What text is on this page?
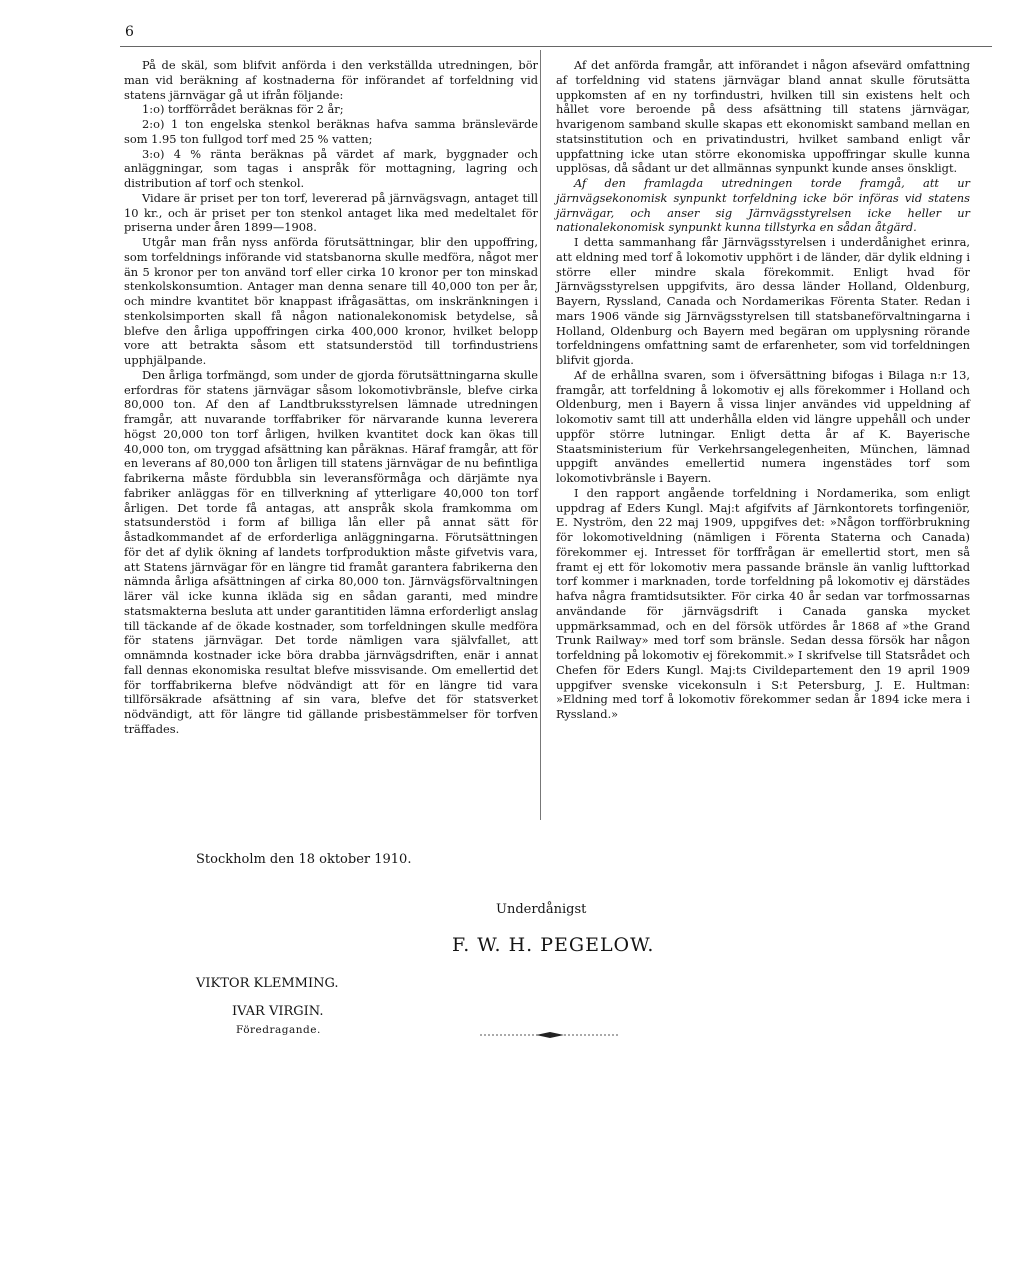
6

På de skäl, som blifvit anförda i den verkställda utredningen, bör man vid beräkning af kostnaderna för införandet af torfeldning vid statens järnvägar gå ut ifrån följande:

1:o) torfförrådet beräknas för 2 år;

2:o) 1 ton engelska stenkol beräknas hafva samma bränslevärde som 1.95 ton fullgod torf med 25 % vatten;

3:o) 4 % ränta beräknas på värdet af mark, byggnader och anläggningar, som tagas i anspråk för mottagning, lagring och distribution af torf och stenkol.

Vidare är priset per ton torf, levererad på järnvägsvagn, antaget till 10 kr., och är priset per ton stenkol antaget lika med medeltalet för priserna under åren 1899—1908.

Utgår man från nyss anförda förutsättningar, blir den uppoffring, som torfeldnings införande vid statsbanorna skulle medföra, något mer än 5 kronor per ton använd torf eller cirka 10 kronor per ton minskad stenkolskonsumtion. Antager man denna senare till 40,000 ton per år, och mindre kvantitet bör knappast ifrågasättas, om inskränkningen i stenkolsimporten skall få någon nationalekonomisk betydelse, så blefve den årliga uppoffringen cirka 400,000 kronor, hvilket belopp vore att betrakta såsom ett statsunderstöd till torfindustriens upphjälpande.

Den årliga torfmängd, som under de gjorda förutsättningarna skulle erfordras för statens järnvägar såsom lokomotivbränsle, blefve cirka 80,000 ton. Af den af Landtbruksstyrelsen lämnade utredningen framgår, att nuvarande torffabriker för närvarande kunna leverera högst 20,000 ton torf årligen, hvilken kvantitet dock kan ökas till 40,000 ton, om tryggad afsättning kan påräknas. Häraf framgår, att för en leverans af 80,000 ton årligen till statens järnvägar de nu befintliga fabrikerna måste fördubbla sin leveransförmåga och därjämte nya fabriker anläggas för en tillverkning af ytterligare 40,000 ton torf årligen. Det torde få antagas, att anspråk skola framkomma om statsunderstöd i form af billiga lån eller på annat sätt för åstadkommandet af de erforderliga anläggningarna. Förutsättningen för det af dylik ökning af landets torfproduktion måste gifvetvis vara, att Statens järnvägar för en längre tid framåt garantera fabrikerna den nämnda årliga afsättningen af cirka 80,000 ton. Järnvägsförvaltningen lärer väl icke kunna ikläda sig en sådan garanti, med mindre statsmakterna besluta att under garantitiden lämna erforderligt anslag till täckande af de ökade kostnader, som torfeldningen skulle medföra för statens järnvägar. Det torde nämligen vara självfallet, att omnämnda kostnader icke böra drabba järnvägsdriften, enär i annat fall dennas ekonomiska resultat blefve missvisande. Om emellertid det för torffabrikerna blefve nödvändigt att för en längre tid vara tillförsäkrade afsättning af sin vara, blefve det för statsverket nödvändigt, att för längre tid gällande prisbestämmelser för torfven träffades.

Af det anförda framgår, att införandet i någon afsevärd omfattning af torfeldning vid statens järnvägar bland annat skulle förutsätta uppkomsten af en ny torfindustri, hvilken till sin existens helt och hållet vore beroende på dess afsättning till statens järnvägar, hvarigenom samband skulle skapas ett ekonomiskt samband mellan en statsinstitution och en privatindustri, hvilket samband enligt vår uppfattning icke utan större ekonomiska uppoffringar skulle kunna upplösas, då sådant ur det allmännas synpunkt kunde anses önskligt.

Af den framlagda utredningen torde framgå, att ur järnvägsekonomisk synpunkt torfeldning icke bör införas vid statens järnvägar, och anser sig Järnvägsstyrelsen icke heller ur nationalekonomisk synpunkt kunna tillstyrka en sådan åtgärd.

I detta sammanhang får Järnvägsstyrelsen i underdånighet erinra, att eldning med torf å lokomotiv upphört i de länder, där dylik eldning i större eller mindre skala förekommit. Enligt hvad för Järnvägsstyrelsen uppgifvits, äro dessa länder Holland, Oldenburg, Bayern, Ryssland, Canada och Nordamerikas Förenta Stater. Redan i mars 1906 vände sig Järnvägsstyrelsen till statsbaneförvaltningarna i Holland, Oldenburg och Bayern med begäran om upplysning rörande torfeldningens omfattning samt de erfarenheter, som vid torfeldningen blifvit gjorda.

Af de erhållna svaren, som i öfversättning bifogas i Bilaga n:r 13, framgår, att torfeldning å lokomotiv ej alls förekommer i Holland och Oldenburg, men i Bayern å vissa linjer användes vid uppeldning af lokomotiv samt till att underhålla elden vid längre uppehåll och under uppför större lutningar. Enligt detta år af K. Bayerische Staatsministerium für Verkehrsangelegenheiten, München, lämnad uppgift användes emellertid numera ingenstädes torf som lokomotivbränsle i Bayern.

I den rapport angående torfeldning i Nordamerika, som enligt uppdrag af Eders Kungl. Maj:t afgifvits af Järnkontorets torfingeniör, E. Nyström, den 22 maj 1909, uppgifves det: »Någon torfförbrukning för lokomotiveldning (nämligen i Förenta Staterna och Canada) förekommer ej. Intresset för torffrågan är emellertid stort, men så framt ej ett för lokomotiv mera passande bränsle än vanlig lufttorkad torf kommer i marknaden, torde torfeldning på lokomotiv ej därstädes hafva några framtidsutsikter. För cirka 40 år sedan var torfmossarnas användande för järnvägsdrift i Canada ganska mycket uppmärksammad, och en del försök utfördes år 1868 af »the Grand Trunk Railway» med torf som bränsle. Sedan dessa försök har någon torfeldning på lokomotiv ej förekommit.» I skrifvelse till Statsrådet och Chefen för Eders Kungl. Maj:ts Civildepartement den 19 april 1909 uppgifver svenske vicekonsuln i S:t Petersburg, J. E. Hultman: »Eldning med torf å lokomotiv förekommer sedan år 1894 icke mera i Ryssland.»

Stockholm den 18 oktober 1910.
Underdånigst
F. W. H. PEGELOW.
VIKTOR KLEMMING.
IVAR VIRGIN.
Föredragande.
